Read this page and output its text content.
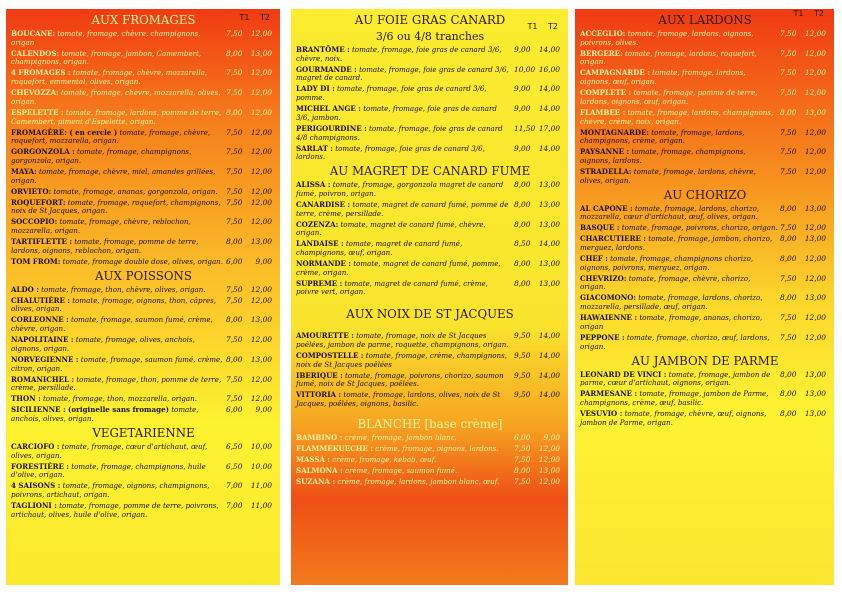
AUX FROMAGES	T1 T2
BOUCANE: tomate, fromage, chèvre, champignons, origan
7,50 12,00
CALENDOS: tomate, fromage, jambon, Camembert, champignons, origan.
8,00 13,00
4 FROMAGES : tomate, fromage, chèvre, mozzarella, roquefort, emmental, olives, origan.
7,50 12,00
CHEVOZZA: tomate, fromage, chèvre, mozzarella, olives, origan.
7,50 12,00
ESPELETTE : tomate, fromage, lardons, pomme de terre, Camembert, piment d'Espelette, origan.
8,00 12,00
FROMAGÈRE: ( en cercle ) tomate, fromage, chèvre, roquefort, mozzarella, origan.
7,50 12,00
GORGONZOLA : tomate, fromage, champignons, gorgonzola, origan.
7,50 12,00
MAYA: tomate, fromage, chèvre, miel, amandes grillées, origan.
7,50 12,00
ORVIETO: tomate, fromage, ananas, gorgonzola, origan. 7,50 12,00
ROQUEFORT: tomate, fromage, roquefort, champignons, noix de St Jacques, origan.
7,50 12,00
SOCCOPIO: tomate, fromage, chèvre, reblochon, mozzarella, origan.
7,50 12,00
TARTIFLETTE : tomate, fromage, pomme de terre, lardons, oignons, reblochon, origan.
8,00 13,00
TOM FROM: tomate, fromage double dose, olives, origan. 6,00 9,00
AUX POISSONS
ALDO : tomate, fromage, thon, chèvre, olives, origan.	7,50 12,00
CHALUTIÈRE : tomate, fromage, oignons, thon, câpres, olives, origan.
7,50 12,00
CORLEONNE : tomate, fromage, saumon fumé, crème, chèvre, origan.
8,00 13,00
NAPOLITAINE : tomate, fromage, olives, anchois, oignons, origan.
7,50 12,00
NORVEGIENNE : tomate, fromage, saumon fumé, crème, citron, origan.
8,00 13,00
ROMANICHEL : tomate, fromage, thon, pomme de terre, crème, persillade.
7,50 12,00
THON : tomate, fromage, thon, mozzarella, origan.	7,50 12,00
SICILIENNE : (originelle sans fromage) tomate, anchois, olives, origan.
6,00 9,00
VEGETARIENNE
CARCIOFO : tomate, fromage, cœur d'artichaut, œuf, olives, origan.
6,50 10,00
FORESTIÈRE : tomate, fromage, champignons, huile d'olive, origan.
6,50 10,00
4 SAISONS : tomate, fromage, oignons, champignons, poivrons, artichaut, origan.
7,00 11,00
TAGLIONI : tomate, fromage, pomme de terre, poivrons, artichaut, olives, huile d'olive, origan.
7,00 11,00
AU FOIE GRAS CANARD
3/6 ou 4/8 tranches
T1 T2
BRANTÔME : tomate, fromage, foie gras de canard 3/6, chèvre, noix.
9,00 14,00
GOURMANDE : tomate, fromage, foie gras de canard 3/6, magret de canard.
10,00 16,00
LADY DI : tomate, fromage, foie gras de canard 3/6, pomme.
9,00 14,00
MICHEL ANGE : tomate, fromage, foie gras de canard 3/6, jambon.
9,00 14,00
PERIGOURDINE : tomate, fromage, foie gras de canard 4/8 champignons.
11,50 17,00
SARLAT : tomate, fromage, foie gras de canard 3/6, lardons.
9,00 14,00
AU MAGRET DE CANARD FUME
ALISSA : tomate, fromage, gorgonzola magret de canard fumé, poivron, origan.
8,00 13,00
CANARDISE : tomate, magret de canard fumé, pomme de terre, crème, persillade.
8,00 13,00
COZENZA: tomate, magret de canard fumé, chèvre, origan.
8,00 13,00
LANDAISE : tomate, magret de canard fumé, champignons, œuf, origan.
8,50 14,00
NORMANDE : tomate, magret de canard fumé, pomme, crème, origan.
8,00 13,00
SUPREME : tomate, magret de canard fumé, crème, poivre vert, origan.
8,00 13,00
AUX NOIX DE ST JACQUES
AMOURETTE : tomate, fromage, noix de St Jacques poêlées, jambon de parme, roquette, champignons, origan.
9,50 14,00
COMPOSTELLE : tomate, fromage, crème, champignons, noix de St Jacques poêlées
9,50 14,00
IBERIQUE : tomate, fromage, poivrons, chorizo, saumon fumé, noix de St Jacques, poêlées.
9,50 14,00
VITTORIA : tomate, fromage, lardons, olives, noix de St Jacques, poêlées, oignons, basilic.
9,50 14,00
BLANCHE [base crème]
BAMBINO : crème, fromage, jambon blanc.	6,00 9,00
FLAMMEKUECHE : crème, fromage, oignons, lardons. 7,50 12,00
MASSA : crème, fromage, kebab, œuf.	7,50 12,00
SALMONA : crème, fromage, saumon fumé.	8,00 13,00
SUZANA : crème, fromage, lardons, jambon blanc, œuf. 7,50 12,00
AUX LARDONS	T1 T2
ACCEGLIO: tomate, fromage, lardons, oignons, poivrons, olives.
7,50 12,00
BERGERE: tomate, fromage, lardons, roquefort, origan.
7,50 12,00
CAMPAGNARDE : tomate, fromage, lardons, oignons, œuf, origan.
7,50 12,00
COMPLETE : tomate, fromage, pomme de terre, lardons, oignons, œuf, origan.
7,50 12,00
FLAMBEE : tomate, fromage, lardons, champignons, chèvre, crème, noix, origan.
8,00 13,00
MONTAGNARDE: tomate, fromage, lardons, champignons, crème, origan.
7,50 12,00
PAYSANNE : tomate, fromage, champignons, oignons, lardons.
7,50 12,00
STRADELLA: tomate, fromage, lardons, chèvre, olives, origan.
7,50 12,00
AU CHORIZO
AL CAPONE : tomate, fromage, lardons, chorizo, mozzarella, cœur d'artichaut, œuf, olives, origan.
8,00 13,00
BASQUE : tomate, fromage, poivrons, chorizo, origan. 7,50 12,00
CHARCUTIERE : tomate, fromage, jambon, chorizo, merguez, lardons.
8,00 13,00
CHEF : tomate, fromage, champignons chorizo, oignons, poivrons, merguez, origan.
8,00 12,00
CHEVRIZO: tomate, fromage, chèvre, chorizo, origan.
7,50 12,00
GIACOMONO: tomate, fromage, lardons, chorizo, mozzarella, persillade, œuf, origan.
8,00 13,00
HAWAIENNE : tomate, fromage, ananas, chorizo, origan
7,50 12,00
PEPPONE : tomate, fromage, chorizo, œuf, lardons, origan.
7,50 12,00
AU JAMBON DE PARME
LEONARD DE VINCI : tomate, fromage, jambon de parme, cœur d'artichaut, oignons, origan.
8,00 13,00
PARMESANE : tomate, fromage, jambon de Parme, champignons, crème, œuf, basilic.
8,00 13,00
VESUVIO : tomate, fromage, chèvre, œuf, oignons, jambon de Parme, origan.
8,00 13,00
